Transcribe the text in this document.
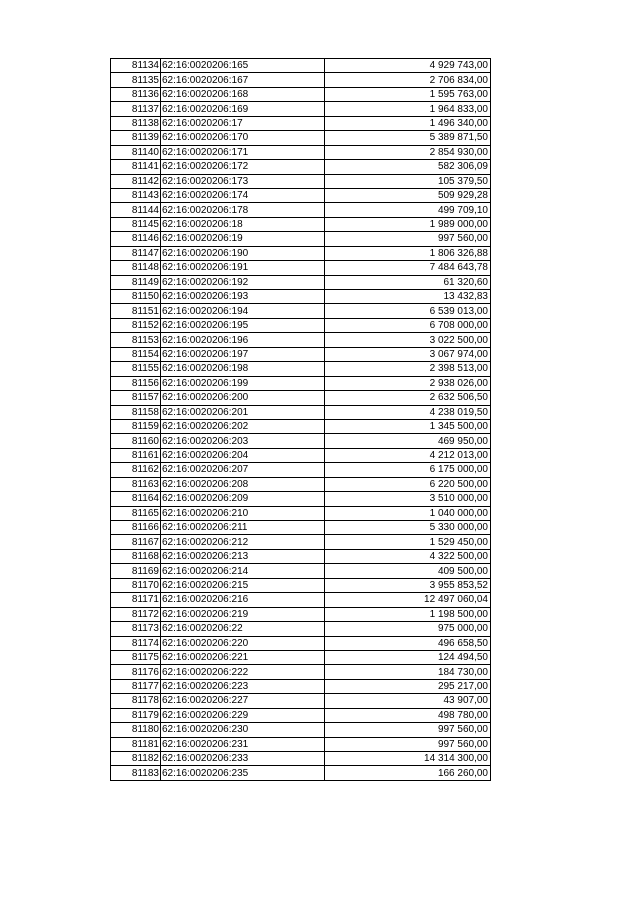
81134	62:16:0020206:165	4 929 743,00
81135	62:16:0020206:167	2 706 834,00
81136	62:16:0020206:168	1 595 763,00
81137	62:16:0020206:169	1 964 833,00
81138	62:16:0020206:17	1 496 340,00
81139	62:16:0020206:170	5 389 871,50
81140	62:16:0020206:171	2 854 930,00
81141	62:16:0020206:172	582 306,09
81142	62:16:0020206:173	105 379,50
81143	62:16:0020206:174	509 929,28
81144	62:16:0020206:178	499 709,10
81145	62:16:0020206:18	1 989 000,00
81146	62:16:0020206:19	997 560,00
81147	62:16:0020206:190	1 806 326,88
81148	62:16:0020206:191	7 484 643,78
81149	62:16:0020206:192	61 320,60
81150	62:16:0020206:193	13 432,83
81151	62:16:0020206:194	6 539 013,00
81152	62:16:0020206:195	6 708 000,00
81153	62:16:0020206:196	3 022 500,00
81154	62:16:0020206:197	3 067 974,00
81155	62:16:0020206:198	2 398 513,00
81156	62:16:0020206:199	2 938 026,00
81157	62:16:0020206:200	2 632 506,50
81158	62:16:0020206:201	4 238 019,50
81159	62:16:0020206:202	1 345 500,00
81160	62:16:0020206:203	469 950,00
81161	62:16:0020206:204	4 212 013,00
81162	62:16:0020206:207	6 175 000,00
81163	62:16:0020206:208	6 220 500,00
81164	62:16:0020206:209	3 510 000,00
81165	62:16:0020206:210	1 040 000,00
81166	62:16:0020206:211	5 330 000,00
81167	62:16:0020206:212	1 529 450,00
81168	62:16:0020206:213	4 322 500,00
81169	62:16:0020206:214	409 500,00
81170	62:16:0020206:215	3 955 853,52
81171	62:16:0020206:216	12 497 060,04
81172	62:16:0020206:219	1 198 500,00
81173	62:16:0020206:22	975 000,00
81174	62:16:0020206:220	496 658,50
81175	62:16:0020206:221	124 494,50
81176	62:16:0020206:222	184 730,00
81177	62:16:0020206:223	295 217,00
81178	62:16:0020206:227	43 907,00
81179	62:16:0020206:229	498 780,00
81180	62:16:0020206:230	997 560,00
81181	62:16:0020206:231	997 560,00
81182	62:16:0020206:233	14 314 300,00
81183	62:16:0020206:235	166 260,00
